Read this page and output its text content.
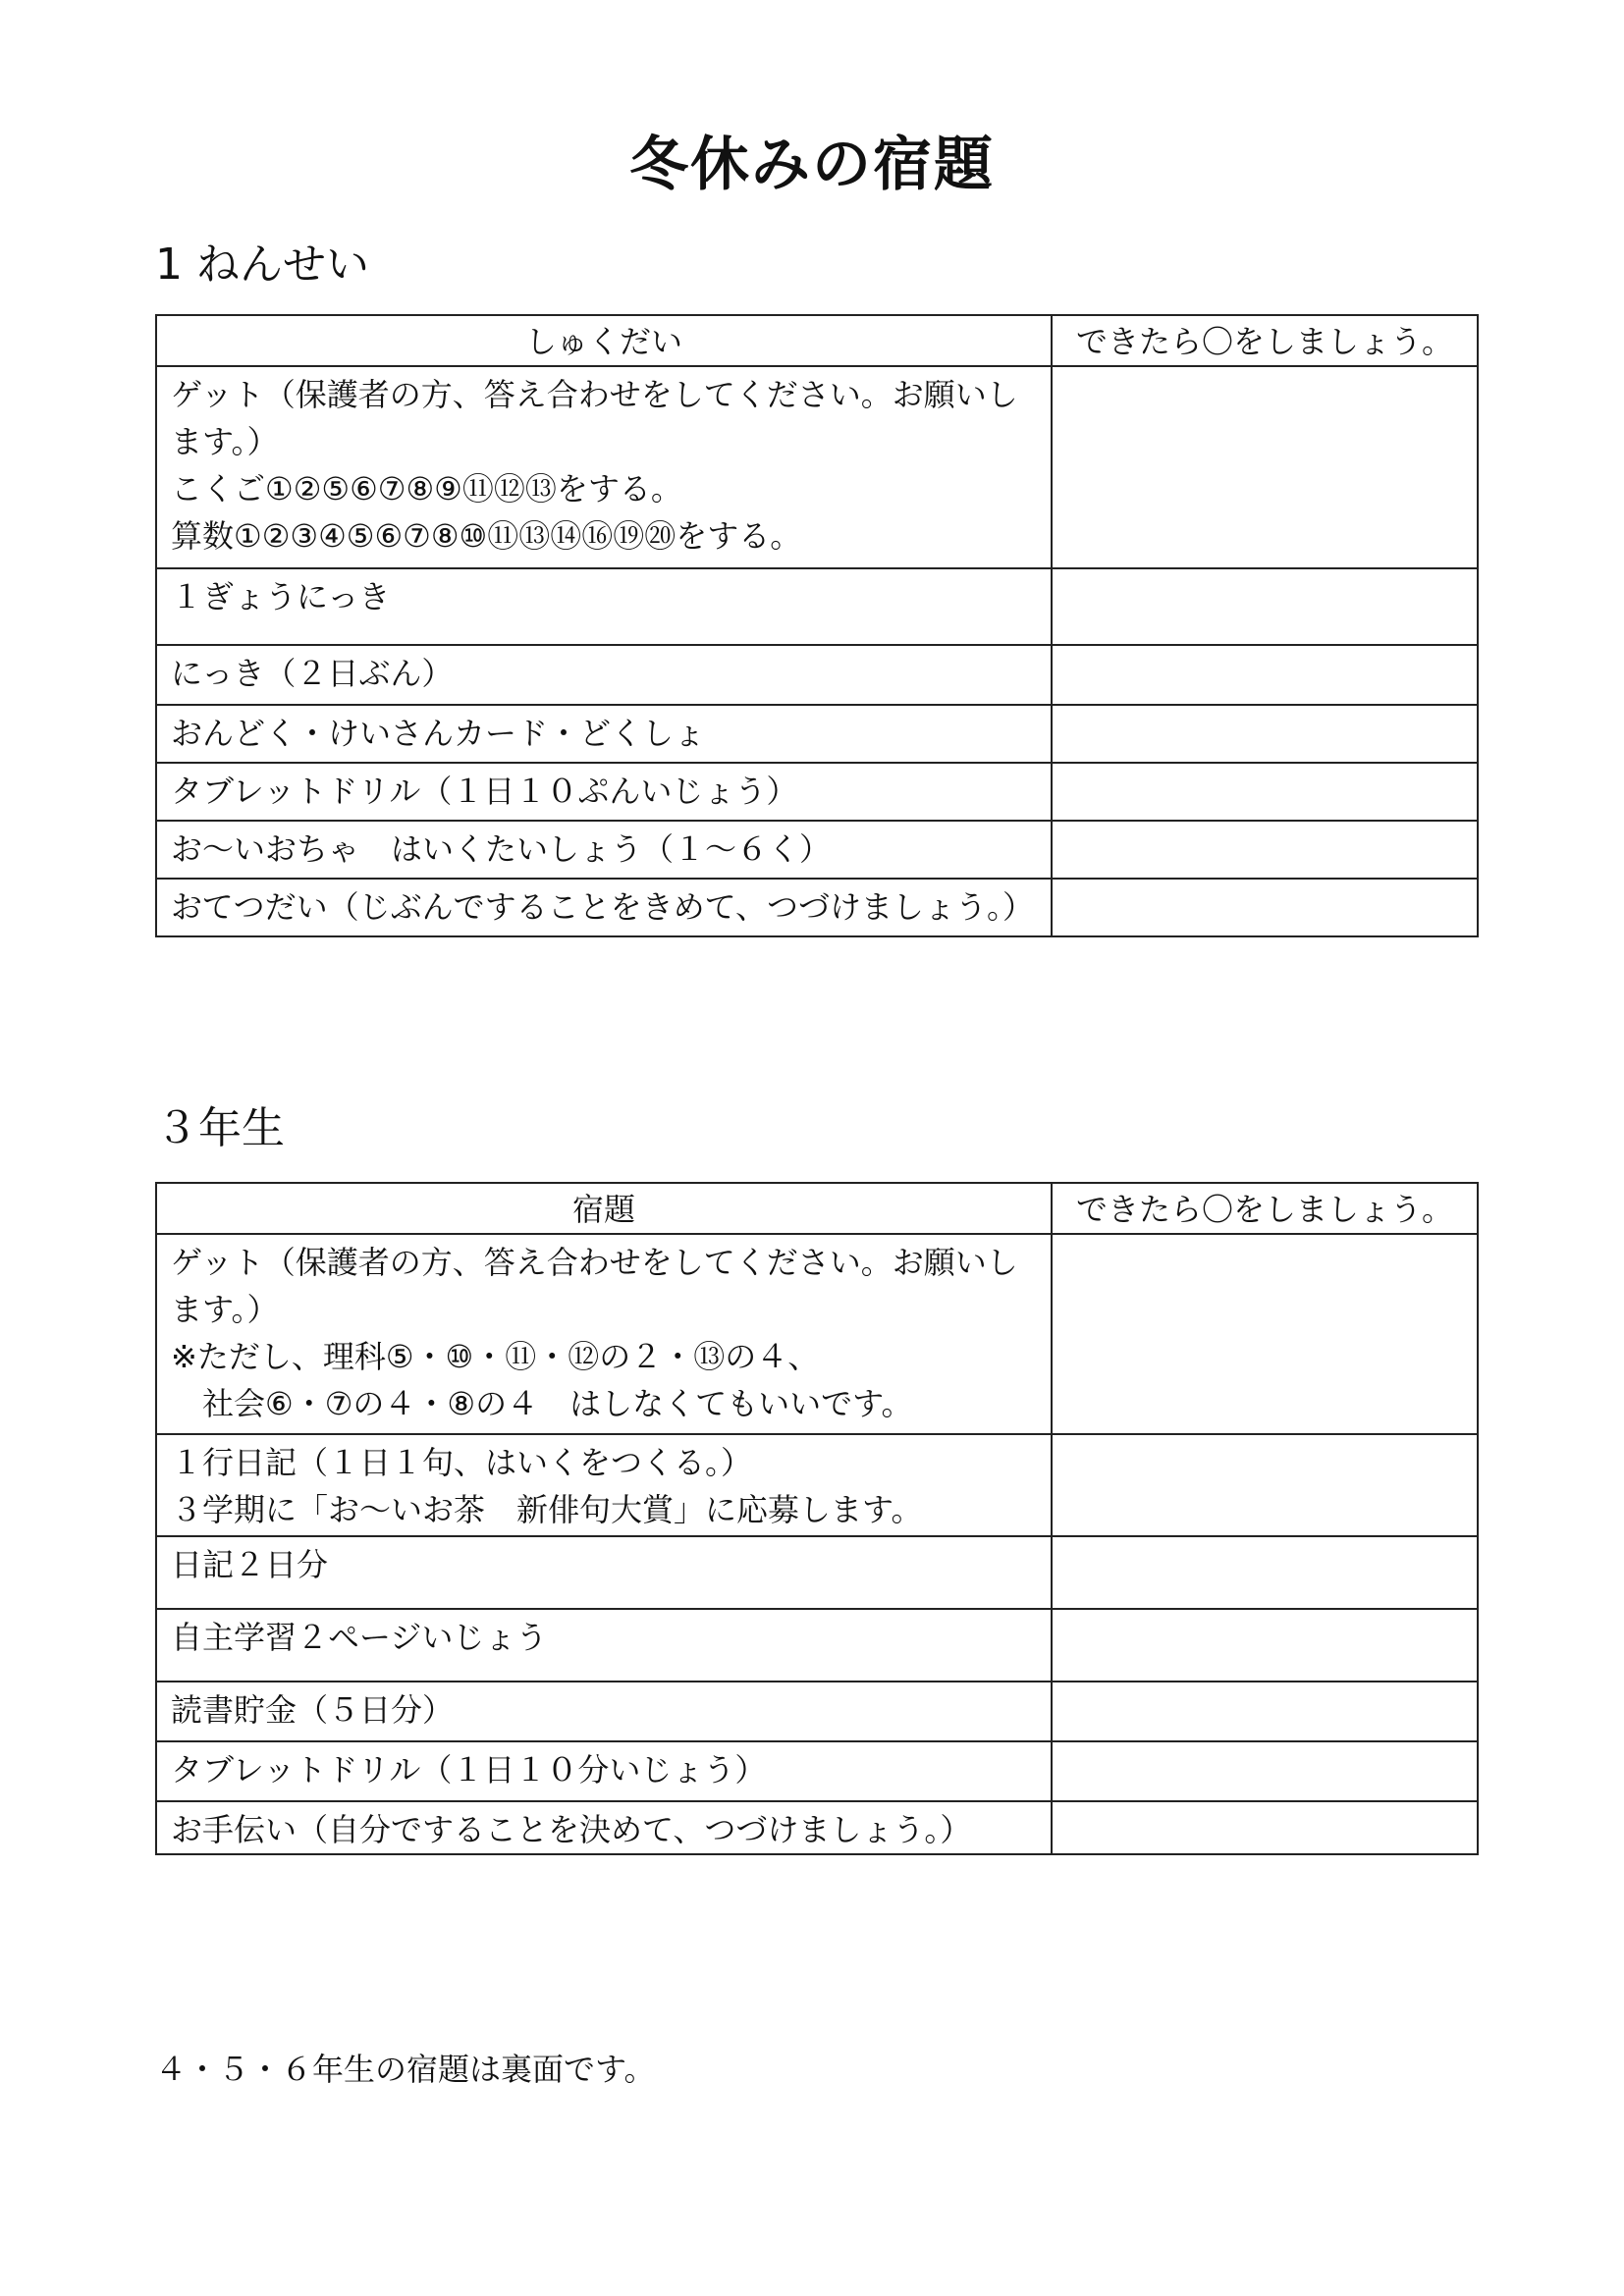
冬休みの宿題
1 ねんせい
しゅくだい	できたら〇をしましょう。

ゲット（保護者の方、答え合わせをしてください。お願いし
ます。）
こくご①②⑤⑥⑦⑧⑨⑪⑫⑬をする。
算数①②③④⑤⑥⑦⑧⑩⑪⑬⑭⑯⑲⑳をする。	

１ぎょうにっき	

にっき（２日ぶん）	

おんどく・けいさんカード・どくしょ	

タブレットドリル（１日１０ぷんいじょう）	

お～いおちゃ　はいくたいしょう（１～６く）	

おてつだい（じぶんですることをきめて、つづけましょう。）	

３年生
宿題	できたら〇をしましょう。

ゲット（保護者の方、答え合わせをしてください。お願いし
ます。）
※ただし、理科⑤・⑩・⑪・⑫の２・⑬の４、
社会⑥・⑦の４・⑧の４　はしなくてもいいです。	

１行日記（１日１句、はいくをつくる。）
３学期に「お～いお茶　新俳句大賞」に応募します。	

日記２日分	

自主学習２ページいじょう	

読書貯金（５日分）	

タブレットドリル（１日１０分いじょう）	

お手伝い（自分ですることを決めて、つづけましょう。）	

４・５・６年生の宿題は裏面です。
